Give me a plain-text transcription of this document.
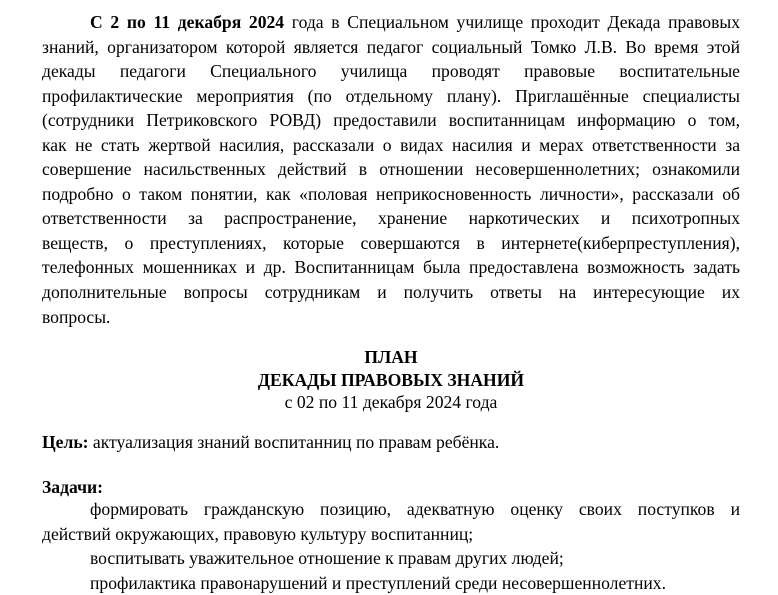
С 2 по 11 декабря 2024 года в Специальном училище проходит Декада правовых
знаний, организатором которой является педагог социальный Томко Л.В. Во время этой
декады педагоги Специального училища проводят правовые воспитательные
профилактические мероприятия (по отдельному плану). Приглашённые специалисты
(сотрудники Петриковского РОВД) предоставили воспитанницам информацию о том,
как не стать жертвой насилия, рассказали о видах насилия и мерах ответственности за
совершение насильственных действий в отношении несовершеннолетних; ознакомили
подробно о таком понятии, как «половая неприкосновенность личности», рассказали об
ответственности за распространение, хранение наркотических и психотропных
веществ, о преступлениях, которые совершаются в интернете(киберпреступления),
телефонных мошенниках и др. Воспитанницам была предоставлена возможность задать
дополнительные вопросы сотрудникам и получить ответы на интересующие их
вопросы.
ПЛАН
ДЕКАДЫ ПРАВОВЫХ ЗНАНИЙ
с 02 по 11 декабря 2024 года
Цель: актуализация знаний воспитанниц по правам ребёнка.
Задачи:
формировать гражданскую позицию, адекватную оценку своих поступков и
действий окружающих, правовую культуру воспитанниц;
воспитывать уважительное отношение к правам других людей;
профилактика правонарушений и преступлений среди несовершеннолетних.
